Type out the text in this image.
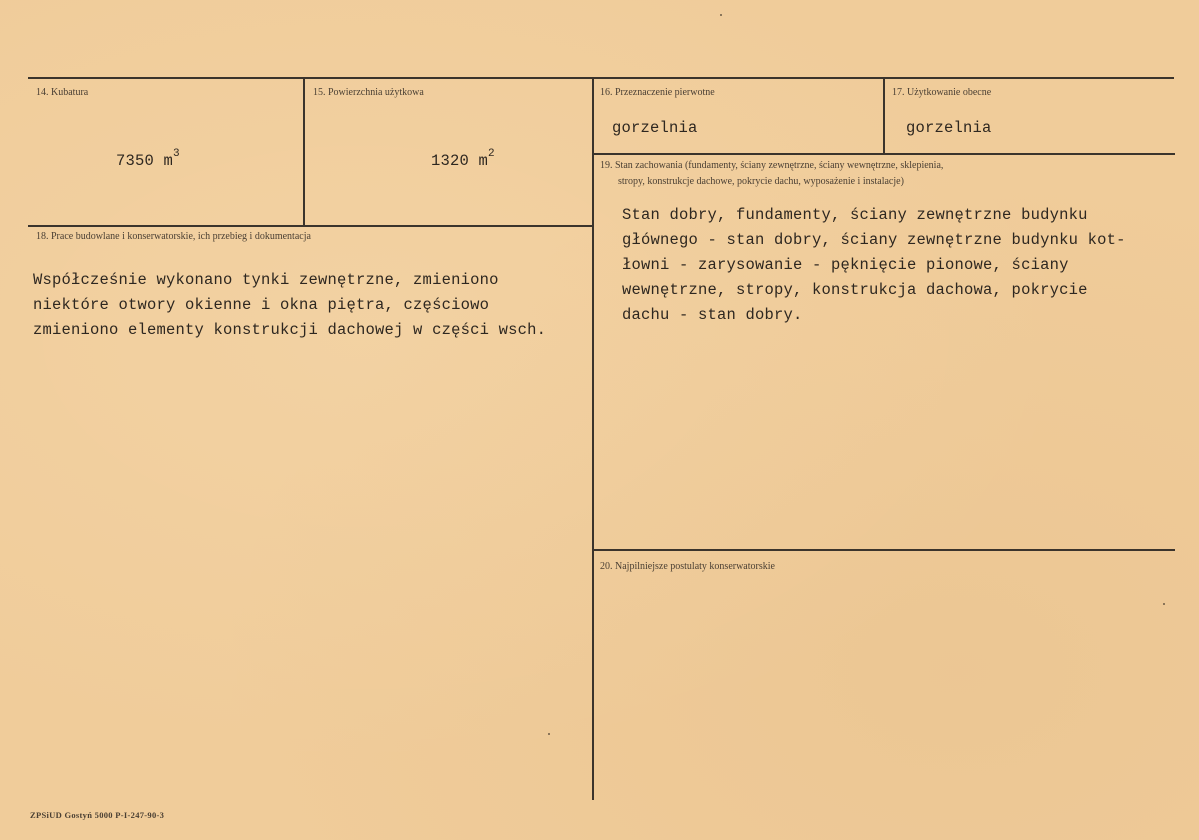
14. Kubatura
7350 $m^3$
15. Powierzchnia użytkowa
1320 $m^2$
16. Przeznaczenie pierwotne
gorzelnia
17. Użytkowanie obecne
gorzelnia
18. Prace budowlane i konserwatorskie, ich przebieg i dokumentacja
Współcześnie wykonano tynki zewnętrzne, zmieniono
niektóre otwory okienne i okna piętra, częściowo
zmieniono elementy konstrukcji dachowej w części wsch.
19. Stan zachowania (fundamenty, ściany zewnętrzne, ściany wewnętrzne, sklepienia,
stropy, konstrukcje dachowe, pokrycie dachu, wyposażenie i instalacje)
Stan dobry, fundamenty, ściany zewnętrzne budynku
głównego - stan dobry, ściany zewnętrzne budynku kot-
łowni - zarysowanie - pęknięcie pionowe, ściany
wewnętrzne, stropy, konstrukcja dachowa, pokrycie
dachu - stan dobry.
20. Najpilniejsze postulaty konserwatorskie
ZPSiUD Gostyń 5000 P-I-247-90-3
